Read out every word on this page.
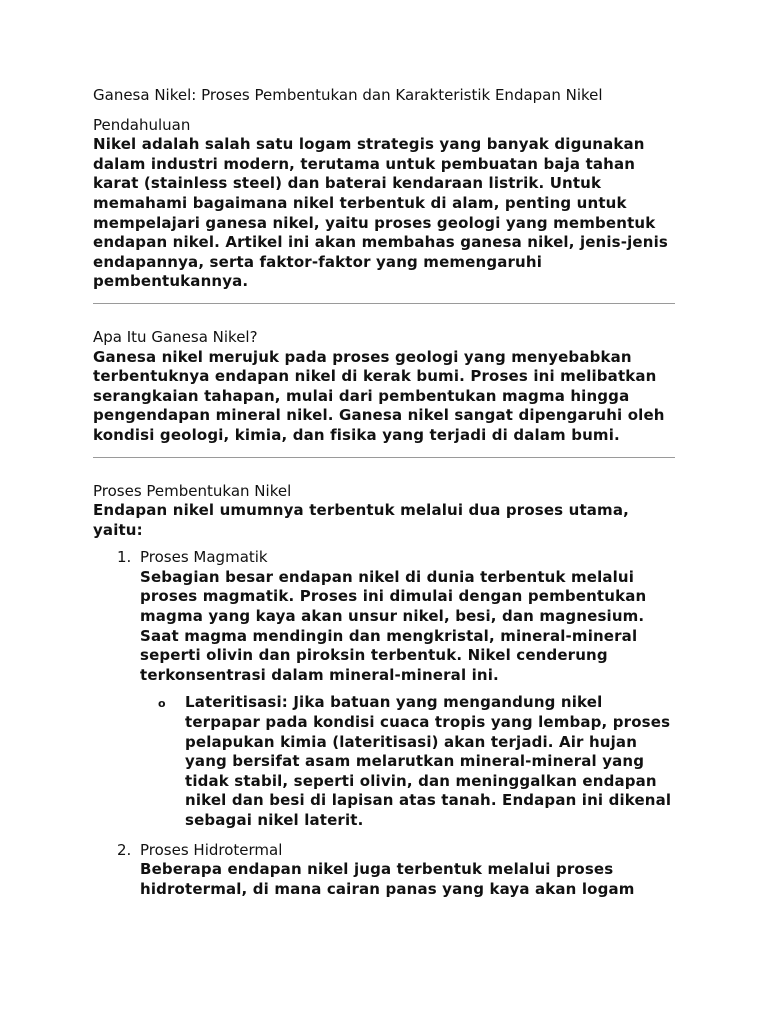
Ganesa Nikel: Proses Pembentukan dan Karakteristik Endapan Nikel
Pendahuluan

Nikel adalah salah satu logam strategis yang banyak digunakan dalam industri modern, terutama untuk pembuatan baja tahan karat (stainless steel) dan baterai kendaraan listrik. Untuk memahami bagaimana nikel terbentuk di alam, penting untuk mempelajari ganesa nikel, yaitu proses geologi yang membentuk endapan nikel. Artikel ini akan membahas ganesa nikel, jenis-jenis endapannya, serta faktor-faktor yang memengaruhi pembentukannya.

Apa Itu Ganesa Nikel?

Ganesa nikel merujuk pada proses geologi yang menyebabkan terbentuknya endapan nikel di kerak bumi. Proses ini melibatkan serangkaian tahapan, mulai dari pembentukan magma hingga pengendapan mineral nikel. Ganesa nikel sangat dipengaruhi oleh kondisi geologi, kimia, dan fisika yang terjadi di dalam bumi.

Proses Pembentukan Nikel

Endapan nikel umumnya terbentuk melalui dua proses utama, yaitu:

1. Proses Magmatik
Sebagian besar endapan nikel di dunia terbentuk melalui proses magmatik. Proses ini dimulai dengan pembentukan magma yang kaya akan unsur nikel, besi, dan magnesium. Saat magma mendingin dan mengkristal, mineral-mineral seperti olivin dan piroksin terbentuk. Nikel cenderung terkonsentrasi dalam mineral-mineral ini.
o Lateritisasi: Jika batuan yang mengandung nikel terpapar pada kondisi cuaca tropis yang lembap, proses pelapukan kimia (lateritisasi) akan terjadi. Air hujan yang bersifat asam melarutkan mineral-mineral yang tidak stabil, seperti olivin, dan meninggalkan endapan nikel dan besi di lapisan atas tanah. Endapan ini dikenal sebagai nikel laterit.
2. Proses Hidrotermal
Beberapa endapan nikel juga terbentuk melalui proses hidrotermal, di mana cairan panas yang kaya akan logam
